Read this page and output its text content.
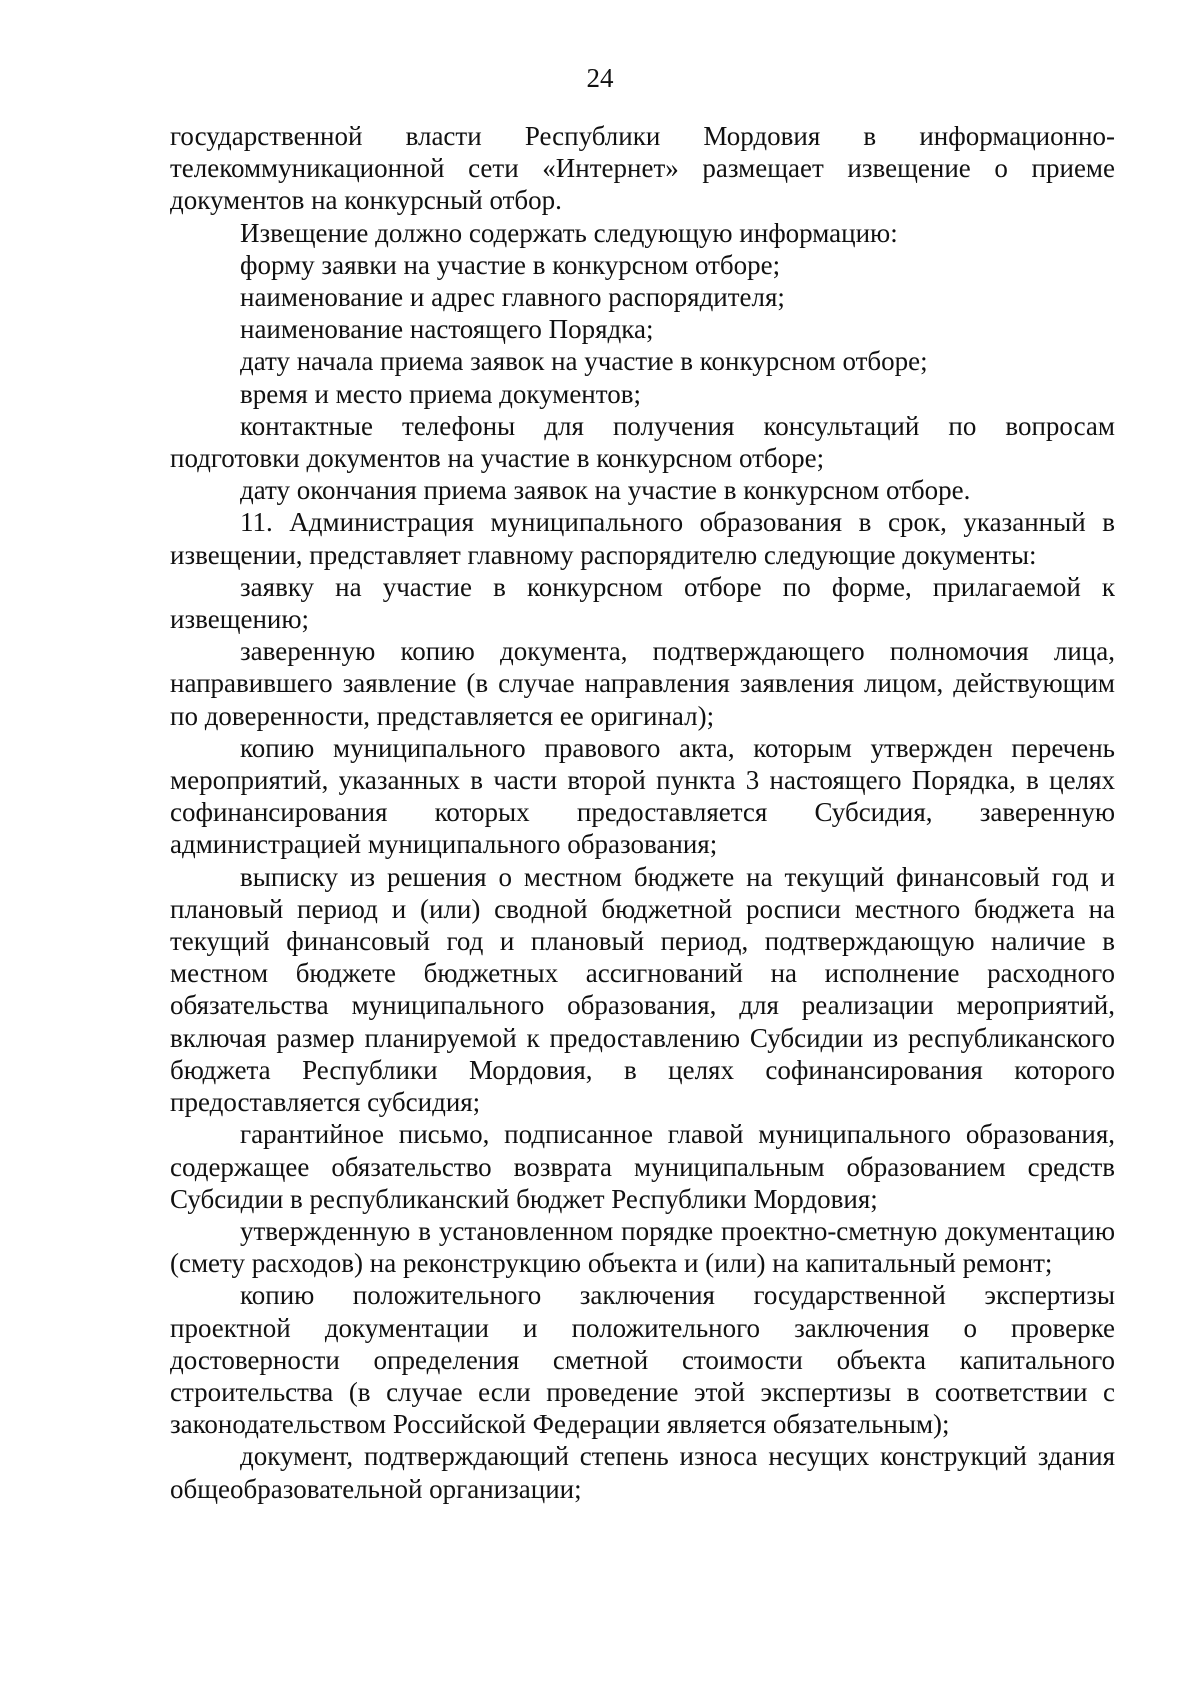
24

государственной власти Республики Мордовия в информационно-телекоммуникационной сети «Интернет» размещает извещение о приеме документов на конкурсный отбор.

Извещение должно содержать следующую информацию:

форму заявки на участие в конкурсном отборе;

наименование и адрес главного распорядителя;

наименование настоящего Порядка;

дату начала приема заявок на участие в конкурсном отборе;

время и место приема документов;

контактные телефоны для получения консультаций по вопросам подготовки документов на участие в конкурсном отборе;

дату окончания приема заявок на участие в конкурсном отборе.

11. Администрация муниципального образования в срок, указанный в извещении, представляет главному распорядителю следующие документы:

заявку на участие в конкурсном отборе по форме, прилагаемой к извещению;

заверенную копию документа, подтверждающего полномочия лица, направившего заявление (в случае направления заявления лицом, действующим по доверенности, представляется ее оригинал);

копию муниципального правового акта, которым утвержден перечень мероприятий, указанных в части второй пункта 3 настоящего Порядка, в целях софинансирования которых предоставляется Субсидия, заверенную администрацией муниципального образования;

выписку из решения о местном бюджете на текущий финансовый год и плановый период и (или) сводной бюджетной росписи местного бюджета на текущий финансовый год и плановый период, подтверждающую наличие в местном бюджете бюджетных ассигнований на исполнение расходного обязательства муниципального образования, для реализации мероприятий, включая размер планируемой к предоставлению Субсидии из республиканского бюджета Республики Мордовия, в целях софинансирования которого предоставляется субсидия;

гарантийное письмо, подписанное главой муниципального образования, содержащее обязательство возврата муниципальным образованием средств Субсидии в республиканский бюджет Республики Мордовия;

утвержденную в установленном порядке проектно-сметную документацию (смету расходов) на реконструкцию объекта и (или) на капитальный ремонт;

копию положительного заключения государственной экспертизы проектной документации и положительного заключения о проверке достоверности определения сметной стоимости объекта капитального строительства (в случае если проведение этой экспертизы в соответствии с законодательством Российской Федерации является обязательным);

документ, подтверждающий степень износа несущих конструкций здания общеобразовательной организации;
